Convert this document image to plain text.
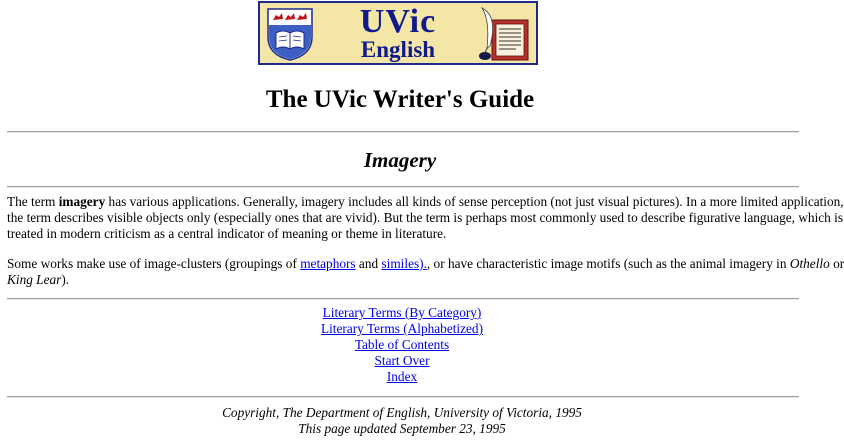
UVic
English
The UVic Writer's Guide
Imagery

The term imagery has various applications. Generally, imagery includes all kinds of sense perception (not just visual pictures). In a more limited application,
the term describes visible objects only (especially ones that are vivid). But the term is perhaps most commonly used to describe figurative language, which is
treated in modern criticism as a central indicator of meaning or theme in literature.

Some works make use of image-clusters (groupings of metaphors and similes)., or have characteristic image motifs (such as the animal imagery in Othello or
King Lear).

Literary Terms (By Category)
Literary Terms (Alphabetized)
Table of Contents
Start Over
Index
Copyright, The Department of English, University of Victoria, 1995
This page updated September 23, 1995
